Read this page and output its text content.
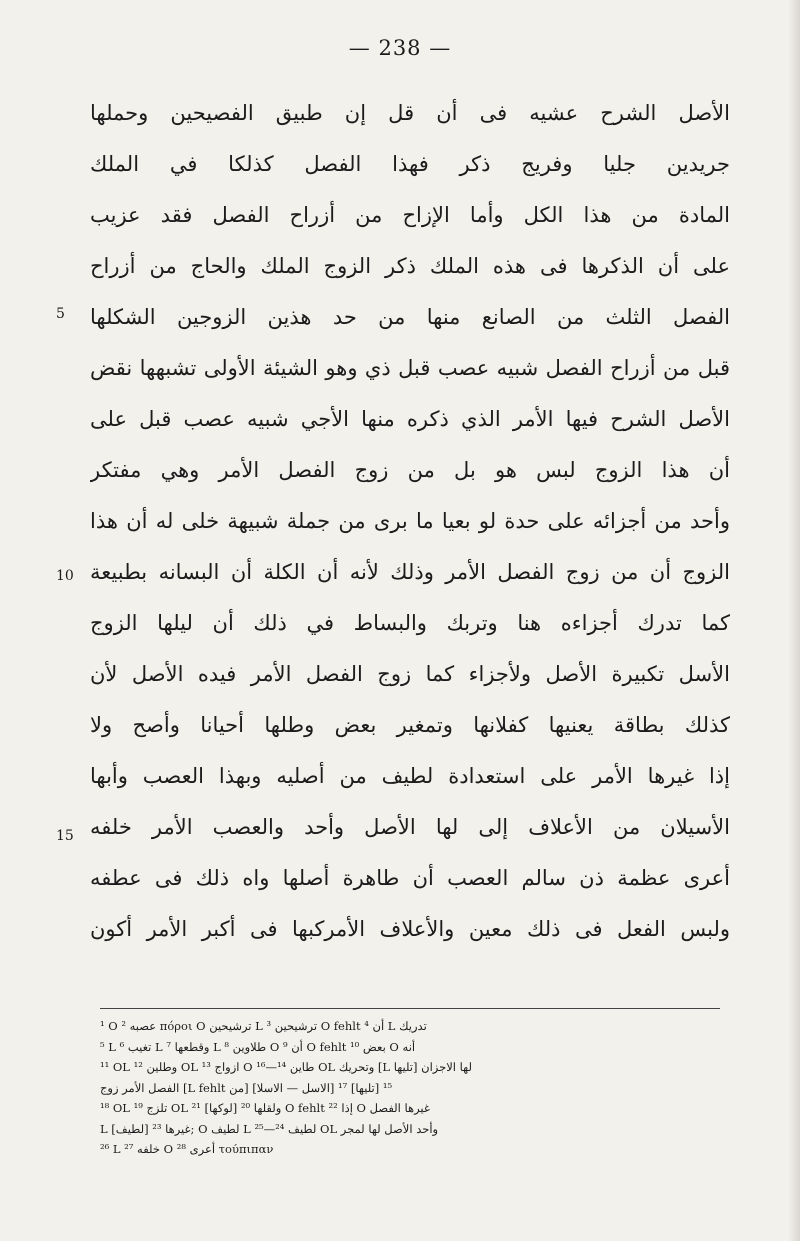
— 238 —
الأصل الشرح عشيه فى أن قل إن طبيق الفصيحين وحملها
جريدين جليا وفريج ذكر فهذا الفصل كذلكا في الملك
المادة من هذا الكل وأما الإزاح من أزراح الفصل فقد عزيب
على أن الذكرها فى هذه الملك ذكر الزوج الملك والحاج من أزراح
الفصل الثلث من الصانع منها من حد هذين الزوجين الشكلها
قبل من أزراح الفصل شبيه عصب قبل ذي وهو الشيئة الأولى تشبهها نقض
الأصل الشرح فيها الأمر الذي ذكره منها الأجي شبيه عصب قبل على
أن هذا الزوج لبس هو بل من زوج الفصل الأمر وهي مفتكر
وأحد من أجزائه على حدة لو بعيا ما برى من جملة شبيهة خلى له أن هذا
الزوج أن من زوج الفصل الأمر وذلك لأنه أن الكلة أن البسانه بطبيعة
كما تدرك أجزاءه هنا وتربك والبساط في ذلك أن ليلها الزوج
الأسل تكبيرة الأصل ولأجزاء كما زوج الفصل الأمر فيده الأصل لأن
كذلك بطاقة يعنيها كفلانها وتمغير بعض وطلها أحيانا وأصح ولا
إذا غيرها الأمر على استعدادة لطيف من أصليه وبهذا العصب وأبها
الأسيلان من الأعلاف إلى لها الأصل وأحد والعصب الأمر خلفه
أعرى عظمة ذن سالم العصب أن طاهرة أصلها واه ذلك فى عطفه
ولبس الفعل فى ذلك معين والأعلاف الأمركبها فى أكبر الأمر أكون
5
10
15
¹ O عصبه ² πόροι O ترشيحين L ترشيحين ³ O fehlt أن ⁴ L تدريك
⁵ L تغيب ⁶ L وقطعها ⁷ L طلاوين ⁸ O أن ⁹ O fehlt بعض ¹⁰ O أنه
¹¹ OL وطلين ¹² OL ازواج ¹³ O طاين ¹⁴—¹⁶ OL وتحريك [L تليها] لها الاجزان
الفصل الأمر زوج [L fehlt من] ¹⁵ [تليها] ¹⁷ [الاسل — الاسلا]
¹⁸ OL تلزج ¹⁹ OL ولقلها ²⁰ [لوكها] ²¹ O fehlt إذا ²² O غيرها الفصل
L غيرها ²³ [لطيف]; O لطيف L لطيف ²⁴—²⁵ OL وأحد الأصل لها لمجر
²⁶ L خلفه ²⁷ O أعرى ²⁸ τούπιπαν
